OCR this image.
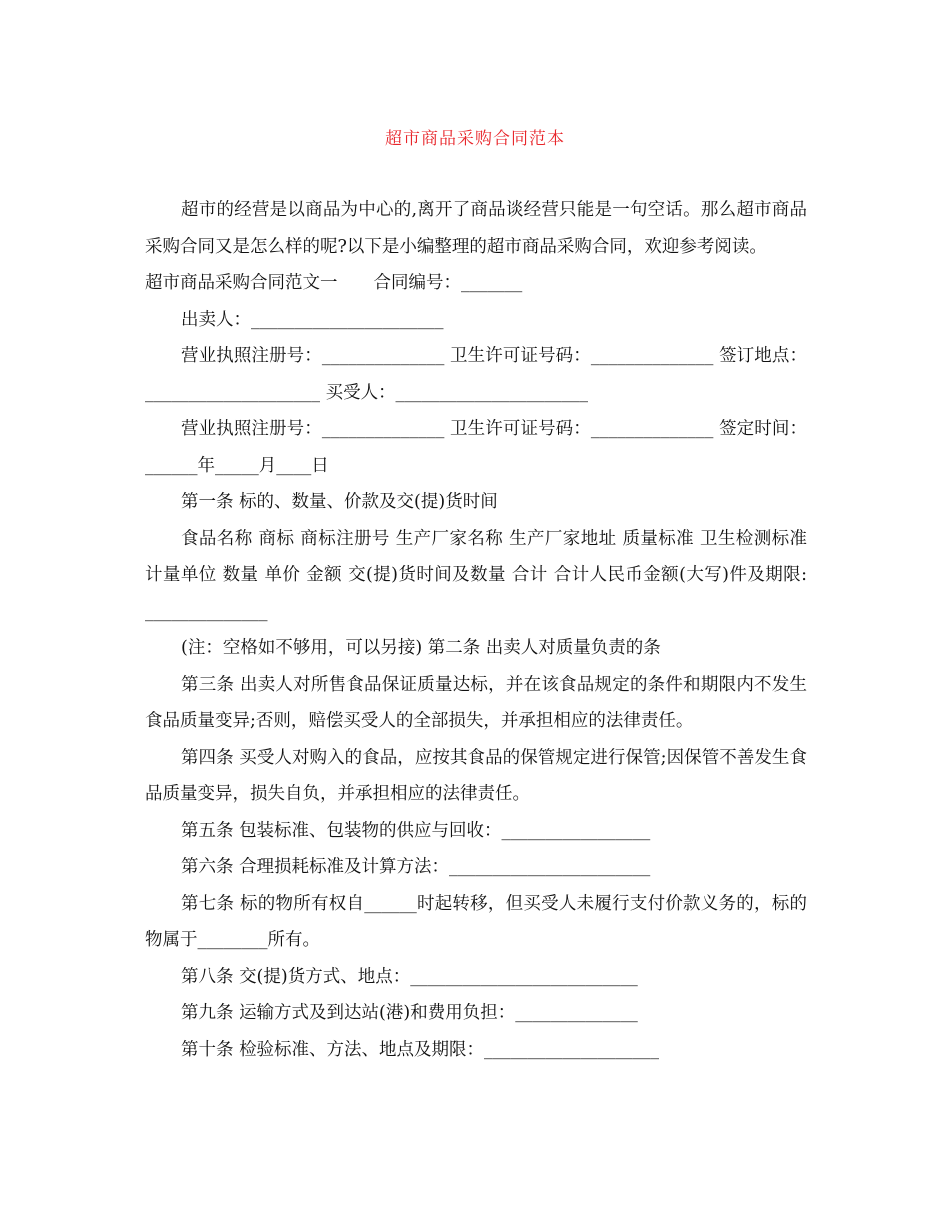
超市商品采购合同范本

超市的经营是以商品为中心的,离开了商品谈经营只能是一句空话。那么超市商品采购合同又是怎么样的呢?以下是小编整理的超市商品采购合同，欢迎参考阅读。

超市商品采购合同范文一 合同编号：_______

出卖人：______________________

营业执照注册号：______________ 卫生许可证号码：______________ 签订地点：____________________ 买受人：______________________

营业执照注册号：______________ 卫生许可证号码：______________ 签定时间：______年_____月____日

第一条 标的、数量、价款及交(提)货时间

食品名称 商标 商标注册号 生产厂家名称 生产厂家地址 质量标准 卫生检测标准 计量单位 数量 单价 金额 交(提)货时间及数量 合计 合计人民币金额(大写)件及期限: ______________

(注：空格如不够用，可以另接) 第二条 出卖人对质量负责的条

第三条 出卖人对所售食品保证质量达标，并在该食品规定的条件和期限内不发生食品质量变异;否则，赔偿买受人的全部损失，并承担相应的法律责任。

第四条 买受人对购入的食品，应按其食品的保管规定进行保管;因保管不善发生食品质量变异，损失自负，并承担相应的法律责任。

第五条 包装标准、包装物的供应与回收：_________________

第六条 合理损耗标准及计算方法：_______________________

第七条 标的物所有权自______时起转移，但买受人未履行支付价款义务的，标的物属于________所有。

第八条 交(提)货方式、地点：__________________________

第九条 运输方式及到达站(港)和费用负担：______________

第十条 检验标准、方法、地点及期限：____________________
